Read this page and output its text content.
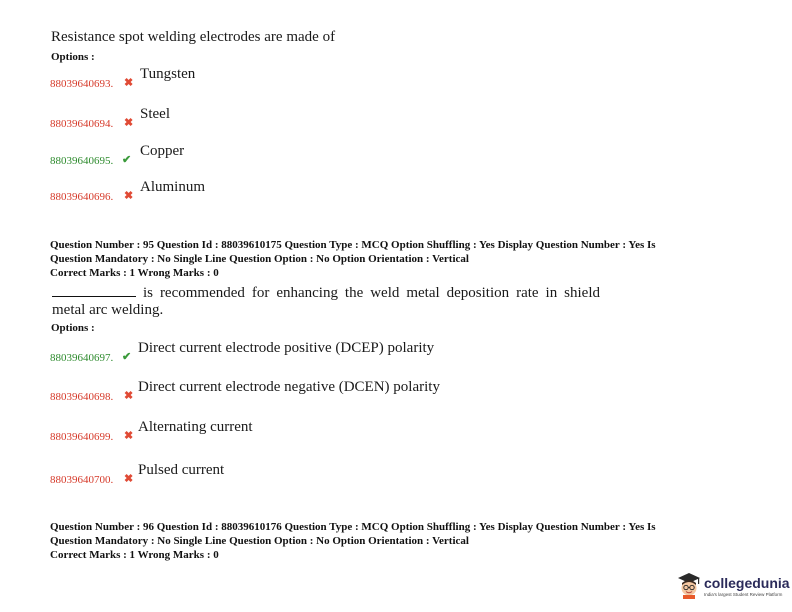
Resistance spot welding electrodes are made of
Options :
88039640693. ✖
Tungsten
88039640694. ✖
Steel
88039640695. ✔
Copper
88039640696. ✖
Aluminum
Question Number : 95 Question Id : 88039610175 Question Type : MCQ Option Shuffling : Yes Display Question Number : Yes Is
Question Mandatory : No Single Line Question Option : No Option Orientation : Vertical
Correct Marks : 1 Wrong Marks : 0
is recommended for enhancing the weld metal deposition rate in shield
metal arc welding.
Options :
88039640697. ✔
Direct current electrode positive (DCEP) polarity
88039640698. ✖
Direct current electrode negative (DCEN) polarity
88039640699. ✖
Alternating current
88039640700. ✖
Pulsed current
Question Number : 96 Question Id : 88039610176 Question Type : MCQ Option Shuffling : Yes Display Question Number : Yes Is
Question Mandatory : No Single Line Question Option : No Option Orientation : Vertical
Correct Marks : 1 Wrong Marks : 0
collegedunia
India's largest Student Review Platform
